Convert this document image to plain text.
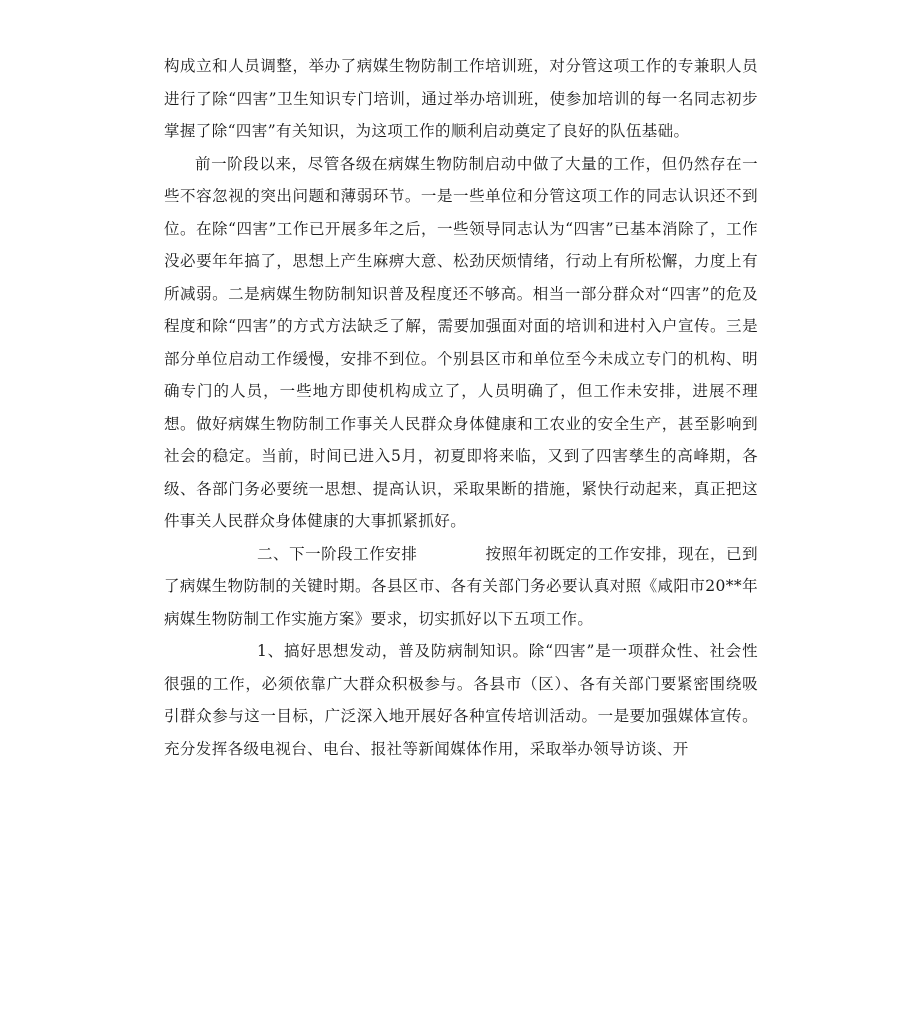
构成立和人员调整，举办了病媒生物防制工作培训班，对分管这项工作的专兼职人员进行了除“四害”卫生知识专门培训，通过举办培训班，使参加培训的每一名同志初步掌握了除“四害”有关知识，为这项工作的顺利启动奠定了良好的队伍基础。

前一阶段以来，尽管各级在病媒生物防制启动中做了大量的工作，但仍然存在一些不容忽视的突出问题和薄弱环节。一是一些单位和分管这项工作的同志认识还不到位。在除“四害”工作已开展多年之后，一些领导同志认为“四害”已基本消除了，工作没必要年年搞了，思想上产生麻痹大意、松劲厌烦情绪，行动上有所松懈，力度上有所减弱。二是病媒生物防制知识普及程度还不够高。相当一部分群众对“四害”的危及程度和除“四害”的方式方法缺乏了解，需要加强面对面的培训和进村入户宣传。三是部分单位启动工作缓慢，安排不到位。个别县区市和单位至今未成立专门的机构、明确专门的人员，一些地方即使机构成立了，人员明确了，但工作未安排，进展不理想。做好病媒生物防制工作事关人民群众身体健康和工农业的安全生产，甚至影响到社会的稳定。当前，时间已进入5月，初夏即将来临，又到了四害孳生的高峰期，各级、各部门务必要统一思想、提高认识，采取果断的措施，紧快行动起来，真正把这件事关人民群众身体健康的大事抓紧抓好。

二、下一阶段工作安排	按照年初既定的工作安排，现在，已到了病媒生物防制的关键时期。各县区市、各有关部门务必要认真对照《咸阳市20**年病媒生物防制工作实施方案》要求，切实抓好以下五项工作。

1、搞好思想发动，普及防病制知识。除“四害”是一项群众性、社会性很强的工作，必须依靠广大群众积极参与。各县市（区）、各有关部门要紧密围绕吸引群众参与这一目标，广泛深入地开展好各种宣传培训活动。一是要加强媒体宣传。充分发挥各级电视台、电台、报社等新闻媒体作用，采取举办领导访谈、开
